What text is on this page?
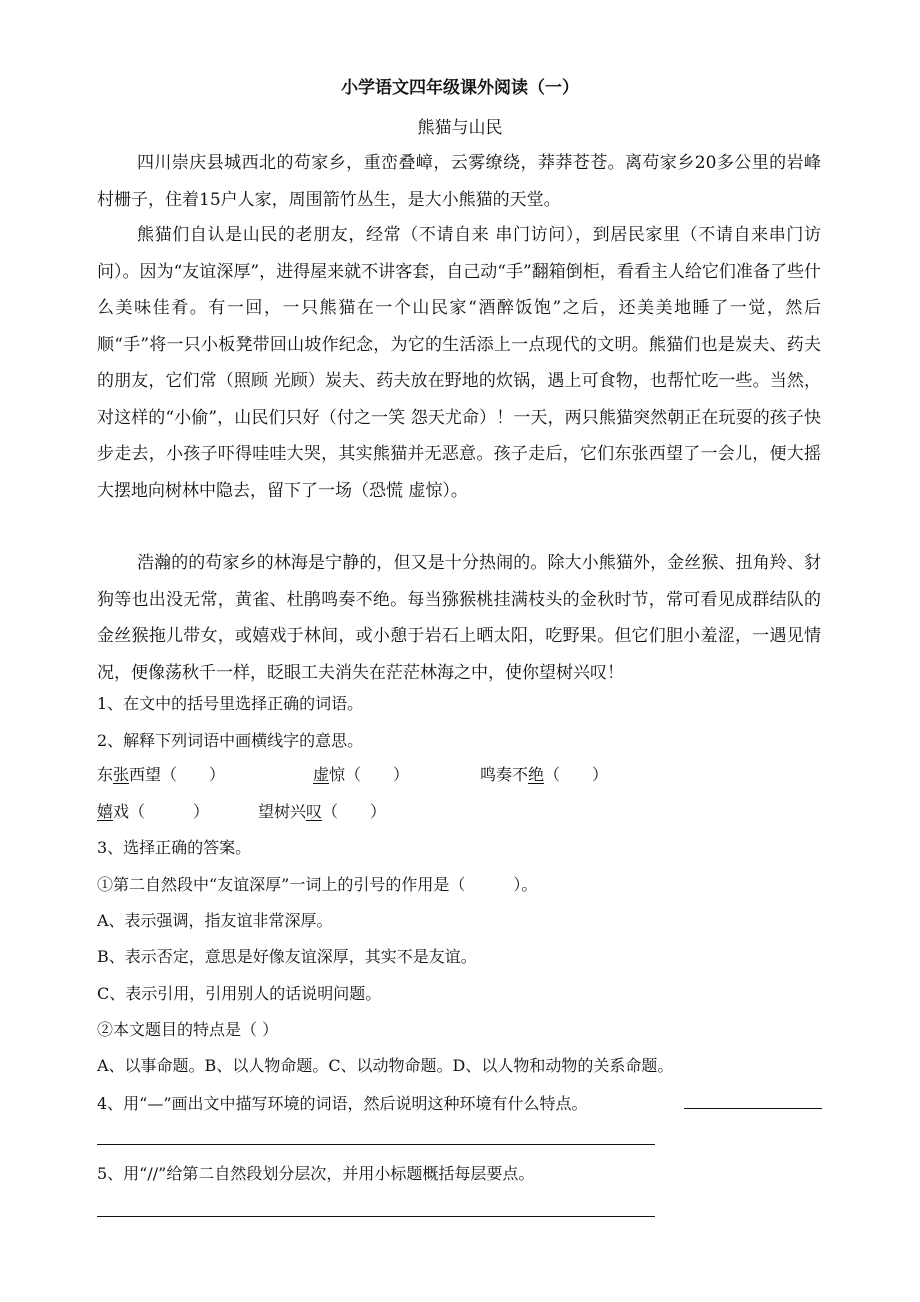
小学语文四年级课外阅读（一）
熊猫与山民

四川崇庆县城西北的苟家乡，重峦叠嶂，云雾缭绕，莽莽苍苍。离苟家乡20多公里的岩峰村栅子，住着15户人家，周围箭竹丛生，是大小熊猫的天堂。

熊猫们自认是山民的老朋友，经常（不请自来 串门访问），到居民家里（不请自来串门访问）。因为“友谊深厚”，进得屋来就不讲客套，自己动“手”翻箱倒柜，看看主人给它们准备了些什么美味佳肴。有一回，一只熊猫在一个山民家“酒醉饭饱”之后，还美美地睡了一觉，然后顺“手”将一只小板凳带回山坡作纪念，为它的生活添上一点现代的文明。熊猫们也是炭夫、药夫的朋友，它们常（照顾 光顾）炭夫、药夫放在野地的炊锅，遇上可食物，也帮忙吃一些。当然，对这样的“小偷”，山民们只好（付之一笑 怨天尤命）！一天，两只熊猫突然朝正在玩耍的孩子快步走去，小孩子吓得哇哇大哭，其实熊猫并无恶意。孩子走后，它们东张西望了一会儿，便大摇大摆地向树林中隐去，留下了一场（恐慌 虚惊）。

浩瀚的的苟家乡的林海是宁静的，但又是十分热闹的。除大小熊猫外，金丝猴、扭角羚、豺狗等也出没无常，黄雀、杜鹃鸣奏不绝。每当猕猴桃挂满枝头的金秋时节，常可看见成群结队的金丝猴拖儿带女，或嬉戏于林间，或小憩于岩石上晒太阳，吃野果。但它们胆小羞涩，一遇见情况，便像荡秋千一样，眨眼工夫消失在茫茫林海之中，使你望树兴叹！

1、在文中的括号里选择正确的词语。
2、解释下列词语中画横线字的意思。
东张西望（　　）	虚惊（　　）	鸣奏不绝（　　）
嬉戏（　　　）	望树兴叹（　　）
3、选择正确的答案。
①第二自然段中“友谊深厚”一词上的引号的作用是（　　　）。
A、表示强调，指友谊非常深厚。
B、表示否定，意思是好像友谊深厚，其实不是友谊。
C、表示引用，引用别人的话说明问题。
②本文题目的特点是（ ）
A、以事命题。B、以人物命题。C、以动物命题。D、以人物和动物的关系命题。
4、用“—”画出文中描写环境的词语，然后说明这种环境有什么特点。
5、用“//”给第二自然段划分层次，并用小标题概括每层要点。
